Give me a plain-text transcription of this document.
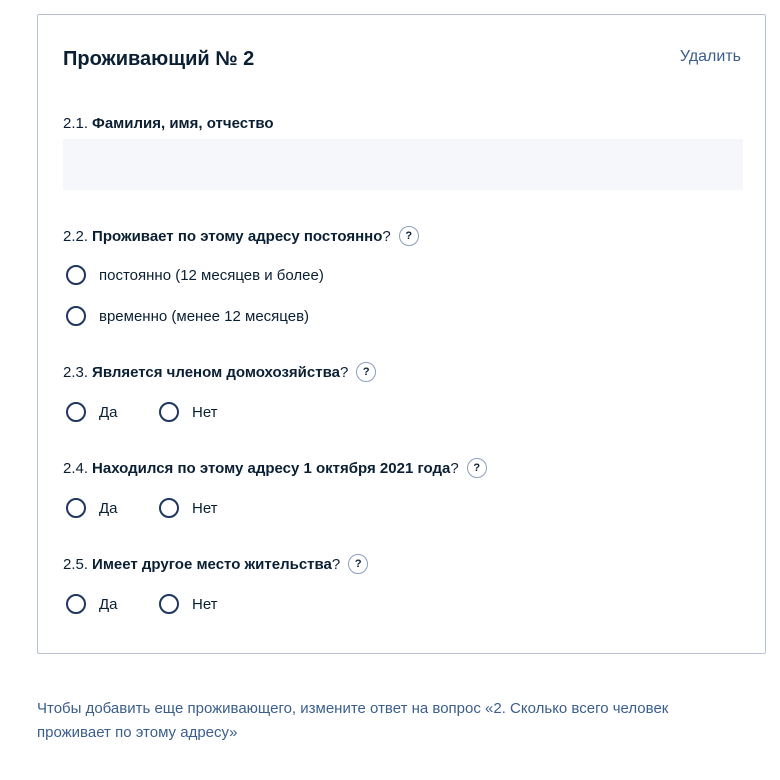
Проживающий № 2	Удалить
2.1. Фамилия, имя, отчество
2.2. Проживает по этому адресу постоянно ?	?
постоянно (12 месяцев и более)
временно (менее 12 месяцев)
2.3. Является членом домохозяйства ?	?
Да	Нет
2.4. Находился по этому адресу 1 октября 2021 года ?	?
Да	Нет
2.5. Имеет другое место жительства ?	?
Да	Нет
Чтобы добавить еще проживающего, измените ответ на вопрос «2. Сколько всего человек проживает по этому адресу»
